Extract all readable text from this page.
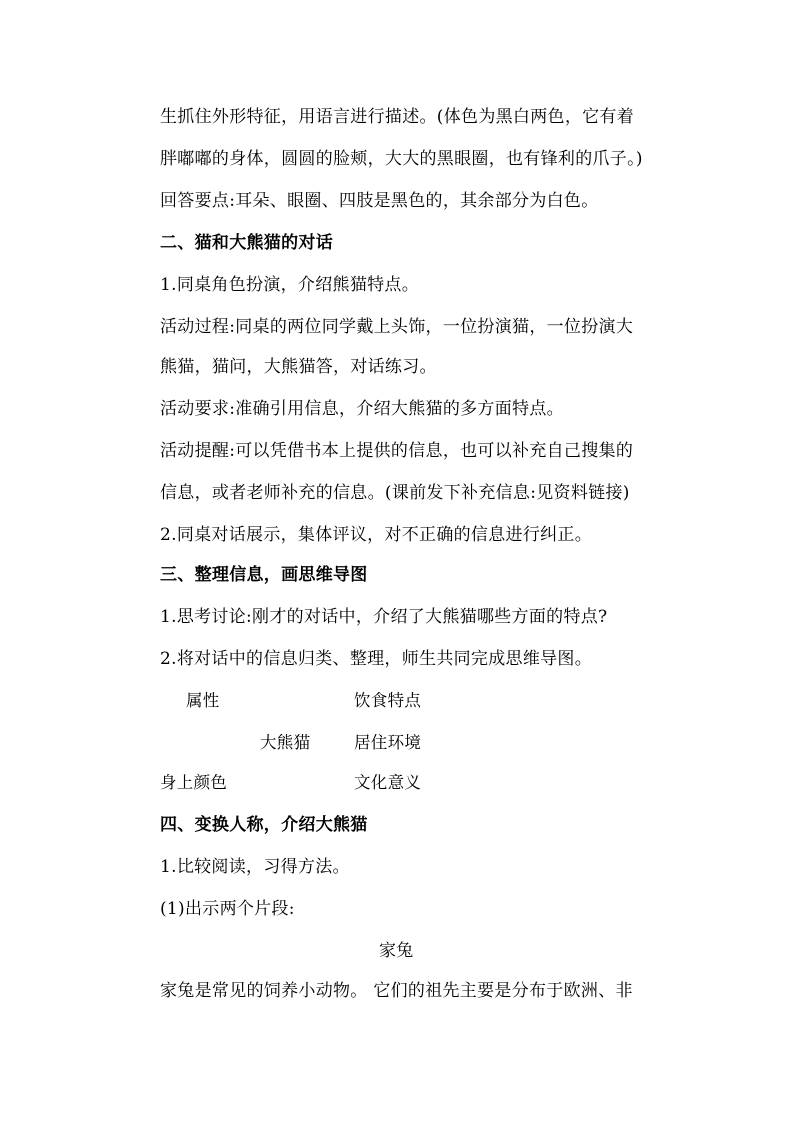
生抓住外形特征，用语言进行描述。(体色为黑白两色，它有着
胖嘟嘟的身体，圆圆的脸颊，大大的黑眼圈，也有锋利的爪子。)
回答要点:耳朵、眼圈、四肢是黑色的，其余部分为白色。
二、猫和大熊猫的对话
1.同桌角色扮演，介绍熊猫特点。
活动过程:同桌的两位同学戴上头饰，一位扮演猫，一位扮演大
熊猫，猫问，大熊猫答，对话练习。
活动要求:准确引用信息，介绍大熊猫的多方面特点。
活动提醒:可以凭借书本上提供的信息，也可以补充自己搜集的
信息，或者老师补充的信息。(课前发下补充信息:见资料链接)
2.同桌对话展示，集体评议，对不正确的信息进行纠正。
三、整理信息，画思维导图
1.思考讨论:刚才的对话中，介绍了大熊猫哪些方面的特点?
2.将对话中的信息归类、整理，师生共同完成思维导图。
属性	饮食特点
大熊猫	居住环境
身上颜色	文化意义
四、变换人称，介绍大熊猫
1.比较阅读，习得方法。
(1)出示两个片段:
家兔
家兔是常见的饲养小动物。 它们的祖先主要是分布于欧洲、非
